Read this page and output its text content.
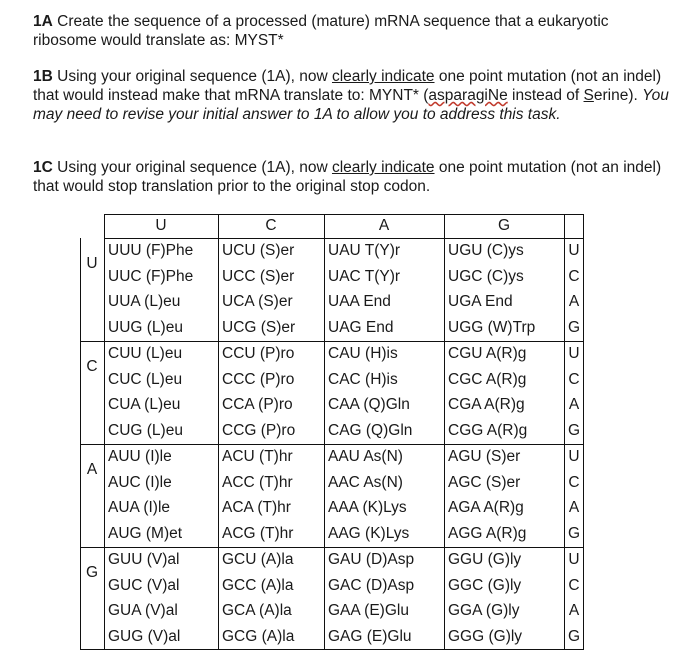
1A Create the sequence of a processed (mature) mRNA sequence that a eukaryotic ribosome would translate as: MYST*
1B Using your original sequence (1A), now clearly indicate one point mutation (not an indel) that would instead make that mRNA translate to: MYNT* (asparagiNe instead of Serine). You may need to revise your initial answer to 1A to allow you to address this task.
1C Using your original sequence (1A), now clearly indicate one point mutation (not an indel) that would stop translation prior to the original stop codon.
U	C	A	G
U
C
A
G
UUU (F)Phe	UCU (S)er	UAU T(Y)r	UGU (C)ys	U
UUC (F)Phe	UCC (S)er	UAC T(Y)r	UGC (C)ys	C
UUA (L)eu	UCA (S)er	UAA End	UGA End	A
UUG (L)eu	UCG (S)er	UAG End	UGG (W)Trp	G
CUU (L)eu	CCU (P)ro	CAU (H)is	CGU A(R)g	U
CUC (L)eu	CCC (P)ro	CAC (H)is	CGC A(R)g	C
CUA (L)eu	CCA (P)ro	CAA (Q)Gln	CGA A(R)g	A
CUG (L)eu	CCG (P)ro	CAG (Q)Gln	CGG A(R)g	G
AUU (I)le	ACU (T)hr	AAU As(N)	AGU (S)er	U
AUC (I)le	ACC (T)hr	AAC As(N)	AGC (S)er	C
AUA (I)le	ACA (T)hr	AAA (K)Lys	AGA A(R)g	A
AUG (M)et	ACG (T)hr	AAG (K)Lys	AGG A(R)g	G
GUU (V)al	GCU (A)la	GAU (D)Asp	GGU (G)ly	U
GUC (V)al	GCC (A)la	GAC (D)Asp	GGC (G)ly	C
GUA (V)al	GCA (A)la	GAA (E)Glu	GGA (G)ly	A
GUG (V)al	GCG (A)la	GAG (E)Glu	GGG (G)ly	G
